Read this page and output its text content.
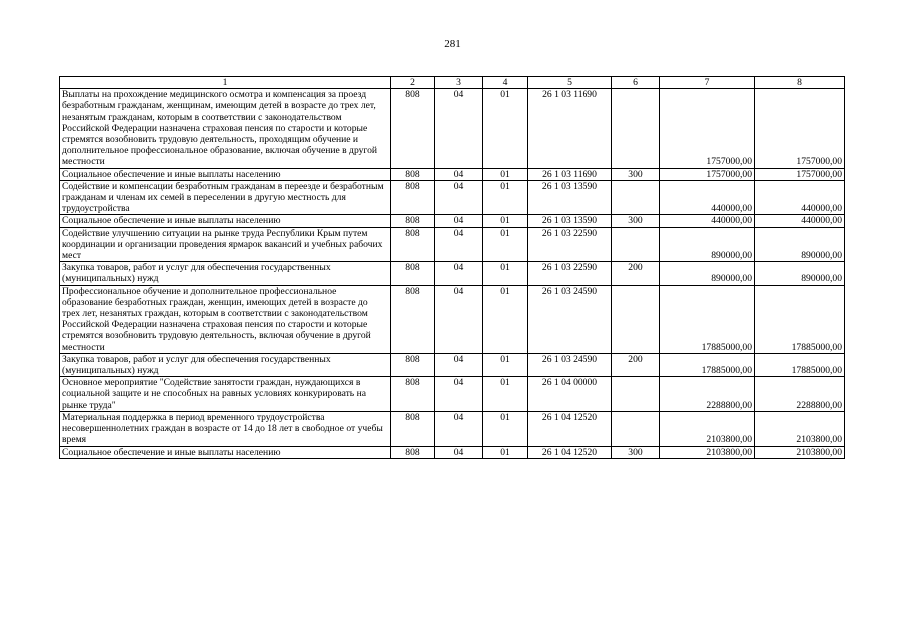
281
1	2	3	4	5	6	7	8
Выплаты на прохождение медицинского осмотра и компенсация за проезд безработным гражданам, женщинам, имеющим детей в возрасте до трех лет, незанятым гражданам, которым в соответствии с законодательством Российской Федерации назначена страховая пенсия по старости и которые стремятся возобновить трудовую деятельность, проходящим обучение и дополнительное профессиональное образование, включая обучение в другой местности	808	04	01	26 1 03 11690		1757000,00	1757000,00
Социальное обеспечение и иные выплаты населению	808	04	01	26 1 03 11690	300	1757000,00	1757000,00
Содействие и компенсации безработным гражданам в переезде и безработным гражданам и членам их семей в переселении в другую местность для трудоустройства	808	04	01	26 1 03 13590		440000,00	440000,00
Социальное обеспечение и иные выплаты населению	808	04	01	26 1 03 13590	300	440000,00	440000,00
Содействие улучшению ситуации на рынке труда Республики Крым путем координации и организации проведения ярмарок вакансий и учебных рабочих мест	808	04	01	26 1 03 22590		890000,00	890000,00
Закупка товаров, работ и услуг для обеспечения государственных (муниципальных) нужд	808	04	01	26 1 03 22590	200	890000,00	890000,00
Профессиональное обучение и дополнительное профессиональное образование безработных граждан, женщин, имеющих детей в возрасте до трех лет, незанятых граждан, которым в соответствии с законодательством Российской Федерации назначена страховая пенсия по старости и которые стремятся возобновить трудовую деятельность, включая обучение в другой местности	808	04	01	26 1 03 24590		17885000,00	17885000,00
Закупка товаров, работ и услуг для обеспечения государственных (муниципальных) нужд	808	04	01	26 1 03 24590	200	17885000,00	17885000,00
Основное мероприятие "Содействие занятости граждан, нуждающихся в социальной защите и не способных на равных условиях конкурировать на рынке труда"	808	04	01	26 1 04 00000		2288800,00	2288800,00
Материальная поддержка в период временного трудоустройства несовершеннолетних граждан в возрасте от 14 до 18 лет в свободное от учебы время	808	04	01	26 1 04 12520		2103800,00	2103800,00
Социальное обеспечение и иные выплаты населению	808	04	01	26 1 04 12520	300	2103800,00	2103800,00
